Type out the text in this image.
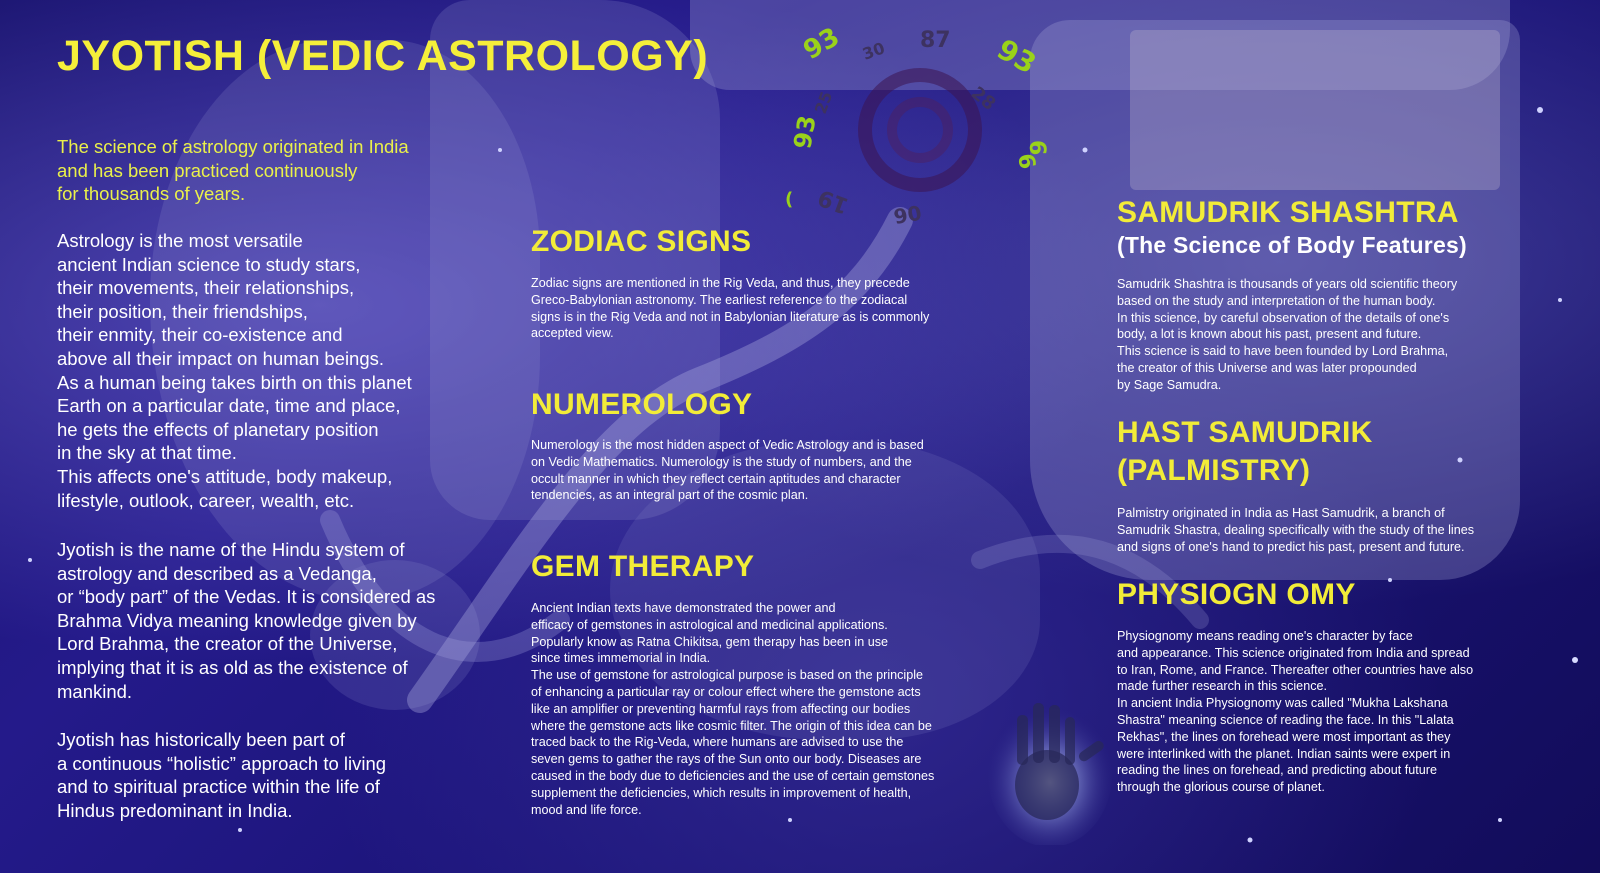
93	93
93
6
6
(
87
30
28
19 06
25
JYOTISH (VEDIC ASTROLOGY)

The science of astrology originated in India
and has been practiced continuously
for thousands of years.

Astrology is the most versatile
ancient Indian science to study stars,
their movements, their relationships,
their position, their friendships,
their enmity, their co-existence and
above all their impact on human beings.
As a human being takes birth on this planet
Earth on a particular date, time and place,
he gets the effects of planetary position
in the sky at that time.
This affects one's attitude, body makeup,
lifestyle, outlook, career, wealth, etc.

Jyotish is the name of the Hindu system of
astrology and described as a Vedanga,
or “body part” of the Vedas. It is considered as
Brahma Vidya meaning knowledge given by
Lord Brahma, the creator of the Universe,
implying that it is as old as the existence of
mankind.

Jyotish has historically been part of
a continuous “holistic” approach to living
and to spiritual practice within the life of
Hindus predominant in India.

ZODIAC SIGNS

Zodiac signs are mentioned in the Rig Veda, and thus, they precede
Greco-Babylonian astronomy. The earliest reference to the zodiacal
signs is in the Rig Veda and not in Babylonian literature as is commonly
accepted view.

NUMEROLOGY

Numerology is the most hidden aspect of Vedic Astrology and is based
on Vedic Mathematics. Numerology is the study of numbers, and the
occult manner in which they reflect certain aptitudes and character
tendencies, as an integral part of the cosmic plan.

GEM THERAPY

Ancient Indian texts have demonstrated the power and
efficacy of gemstones in astrological and medicinal applications.
Popularly know as Ratna Chikitsa, gem therapy has been in use
since times immemorial in India.
The use of gemstone for astrological purpose is based on the principle
of enhancing a particular ray or colour effect where the gemstone acts
like an amplifier or preventing harmful rays from affecting our bodies
where the gemstone acts like cosmic filter. The origin of this idea can be
traced back to the Rig-Veda, where humans are advised to use the
seven gems to gather the rays of the Sun onto our body. Diseases are
caused in the body due to deficiencies and the use of certain gemstones
supplement the deficiencies, which results in improvement of health,
mood and life force.

SAMUDRIK SHASHTRA
(The Science of Body Features)

Samudrik Shashtra is thousands of years old scientific theory
based on the study and interpretation of the human body.
In this science, by careful observation of the details of one's
body, a lot is known about his past, present and future.
This science is said to have been founded by Lord Brahma,
the creator of this Universe and was later propounded
by Sage Samudra.

HAST SAMUDRIK
(PALMISTRY)

Palmistry originated in India as Hast Samudrik, a branch of
Samudrik Shastra, dealing specifically with the study of the lines
and signs of one's hand to predict his past, present and future.

PHYSIOGN OMY

Physiognomy means reading one's character by face
and appearance. This science originated from India and spread
to Iran, Rome, and France. Thereafter other countries have also
made further research in this science.
In ancient India Physiognomy was called "Mukha Lakshana
Shastra" meaning science of reading the face. In this "Lalata
Rekhas", the lines on forehead were most important as they
were interlinked with the planet. Indian saints were expert in
reading the lines on forehead, and predicting about future
through the glorious course of planet.
